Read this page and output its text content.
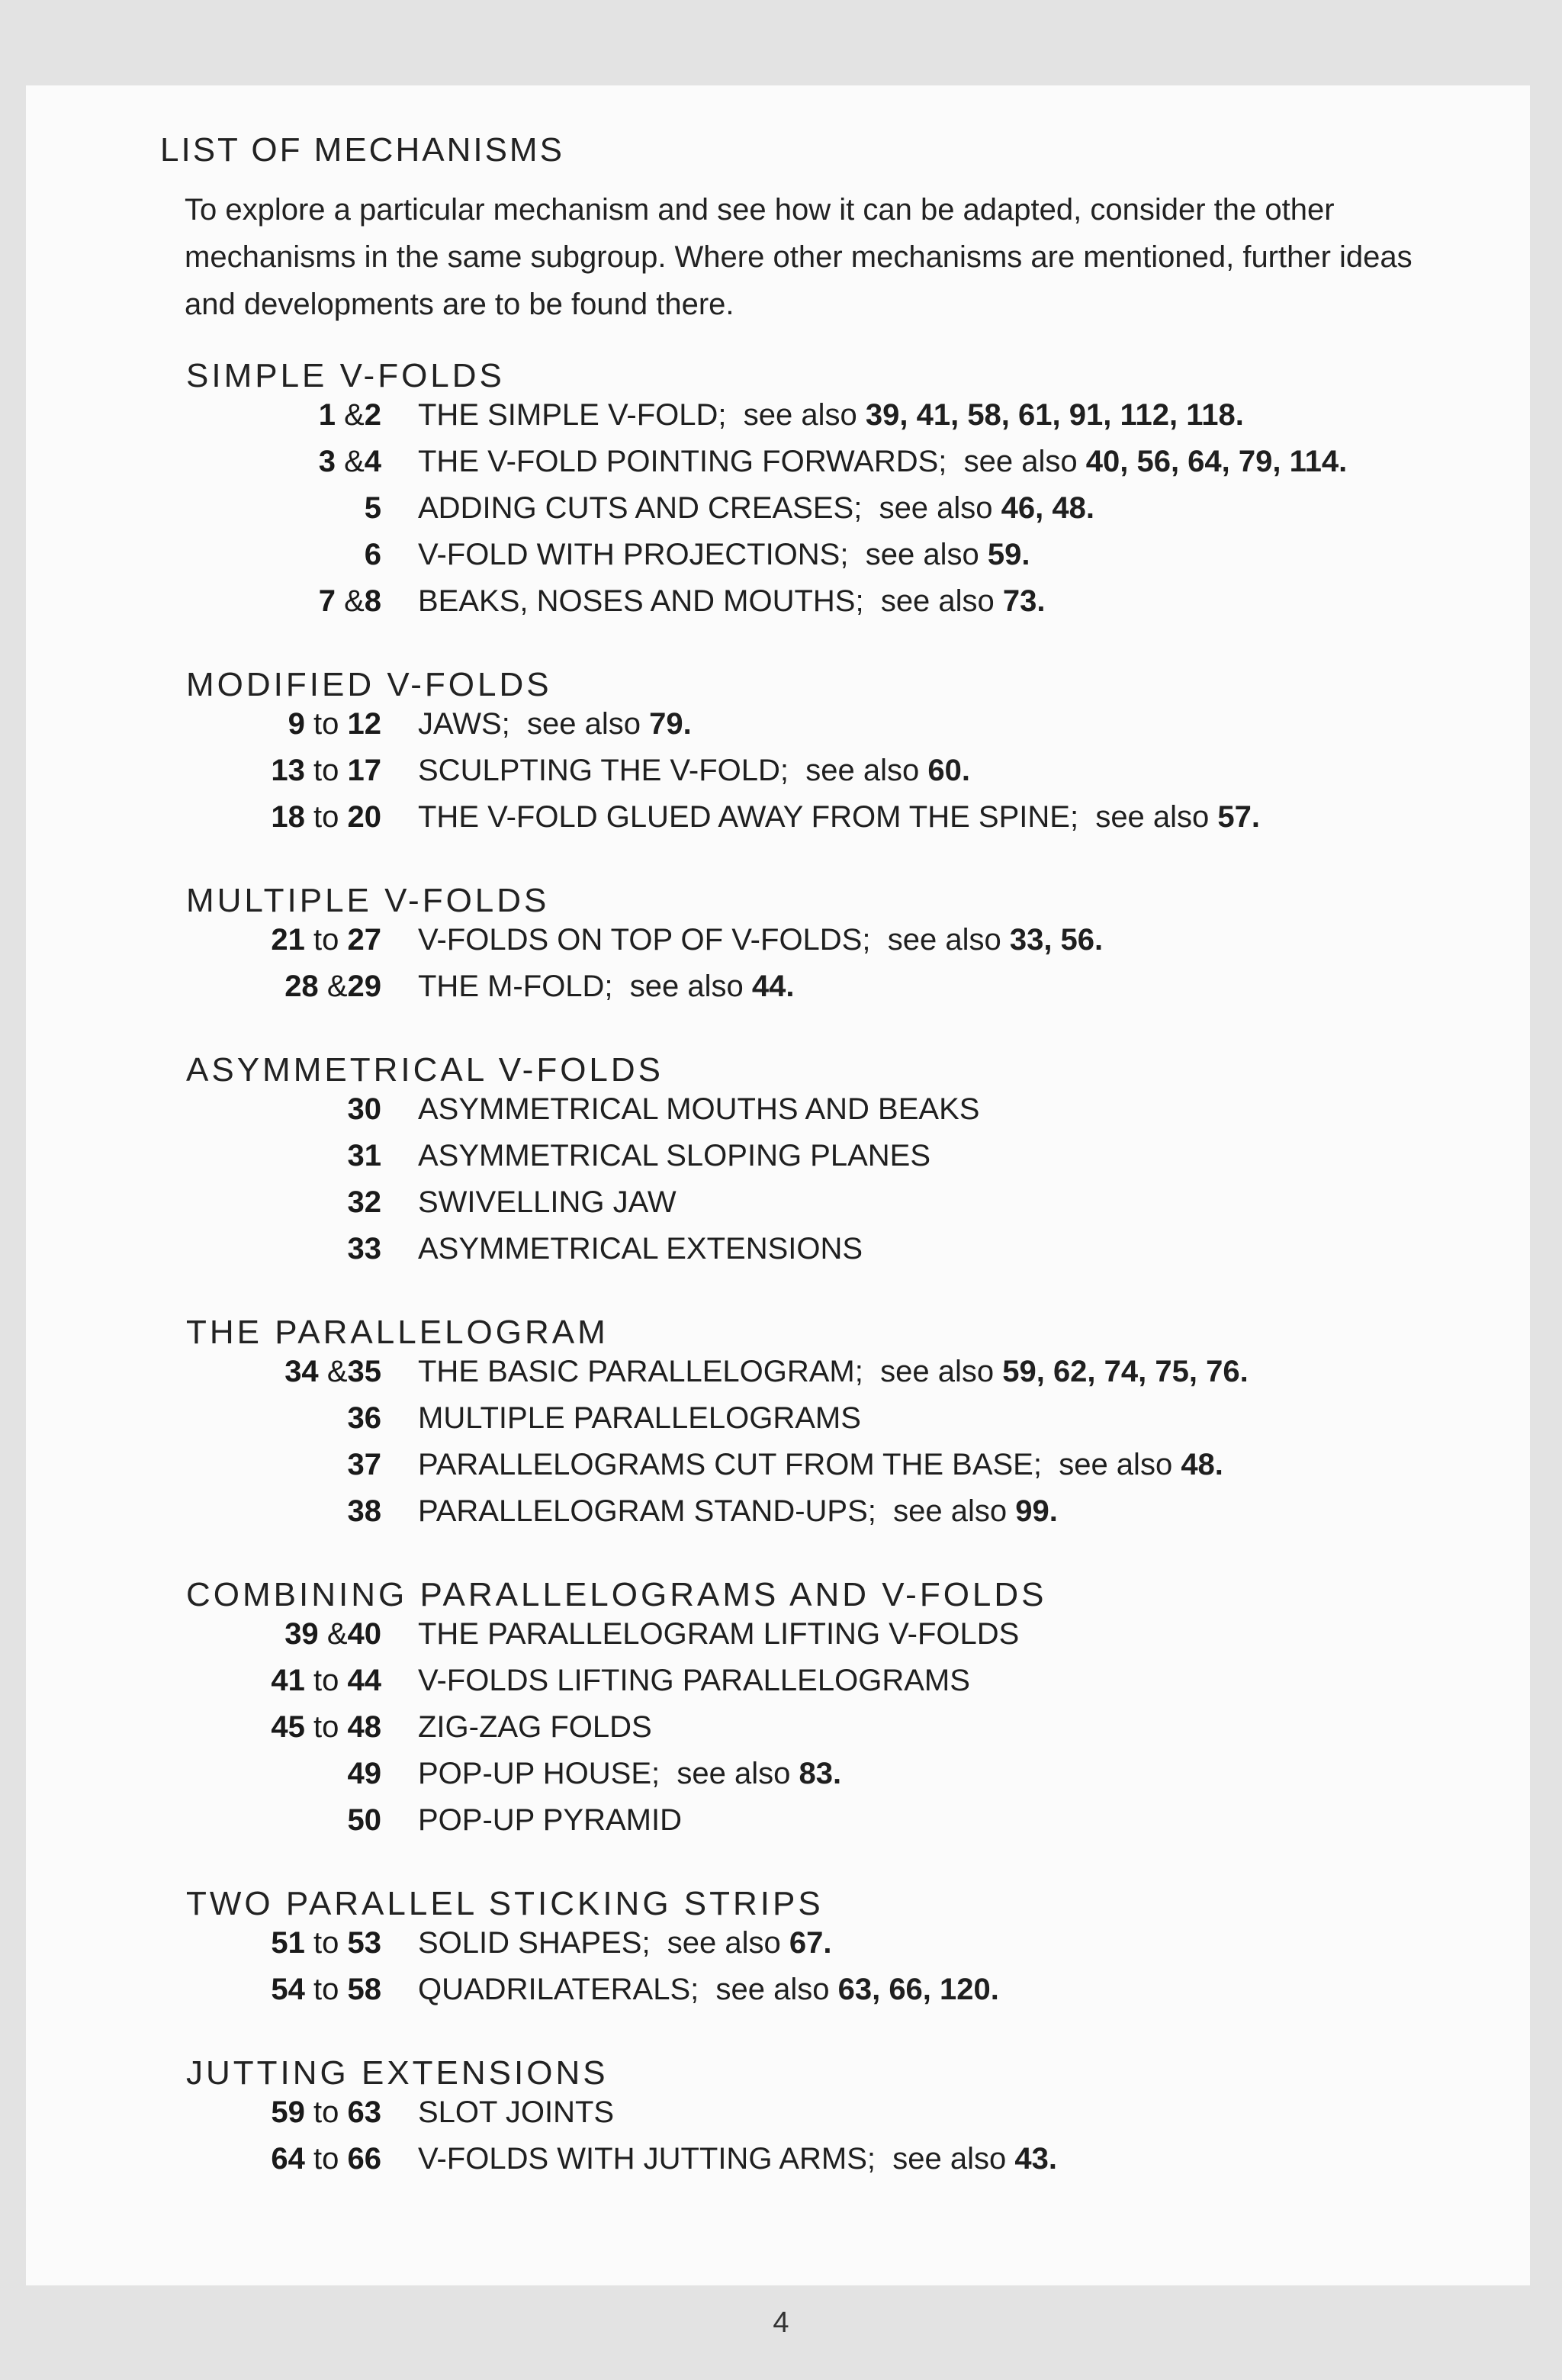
LIST OF MECHANISMS

To explore a particular mechanism and see how it can be adapted, consider the other mechanisms in the same subgroup. Where other mechanisms are mentioned, further ideas and developments are to be found there.

SIMPLE V-FOLDS
1 &2	THE SIMPLE V-FOLD; see also 39, 41, 58, 61, 91, 112, 118.
3 &4	THE V-FOLD POINTING FORWARDS; see also 40, 56, 64, 79, 114.
5	ADDING CUTS AND CREASES; see also 46, 48.
6	V-FOLD WITH PROJECTIONS; see also 59.
7 &8	BEAKS, NOSES AND MOUTHS; see also 73.
MODIFIED V-FOLDS
9 to 12	JAWS; see also 79.
13 to 17	SCULPTING THE V-FOLD; see also 60.
18 to 20	THE V-FOLD GLUED AWAY FROM THE SPINE; see also 57.
MULTIPLE V-FOLDS
21 to 27	V-FOLDS ON TOP OF V-FOLDS; see also 33, 56.
28 &29	THE M-FOLD; see also 44.
ASYMMETRICAL V-FOLDS
30	ASYMMETRICAL MOUTHS AND BEAKS
31	ASYMMETRICAL SLOPING PLANES
32	SWIVELLING JAW
33	ASYMMETRICAL EXTENSIONS
THE PARALLELOGRAM
34 &35	THE BASIC PARALLELOGRAM; see also 59, 62, 74, 75, 76.
36	MULTIPLE PARALLELOGRAMS
37	PARALLELOGRAMS CUT FROM THE BASE; see also 48.
38	PARALLELOGRAM STAND-UPS; see also 99.
COMBINING PARALLELOGRAMS AND V-FOLDS
39 &40	THE PARALLELOGRAM LIFTING V-FOLDS
41 to 44	V-FOLDS LIFTING PARALLELOGRAMS
45 to 48	ZIG-ZAG FOLDS
49	POP-UP HOUSE; see also 83.
50	POP-UP PYRAMID
TWO PARALLEL STICKING STRIPS
51 to 53	SOLID SHAPES; see also 67.
54 to 58	QUADRILATERALS; see also 63, 66, 120.
JUTTING EXTENSIONS
59 to 63	SLOT JOINTS
64 to 66	V-FOLDS WITH JUTTING ARMS; see also 43.
4
